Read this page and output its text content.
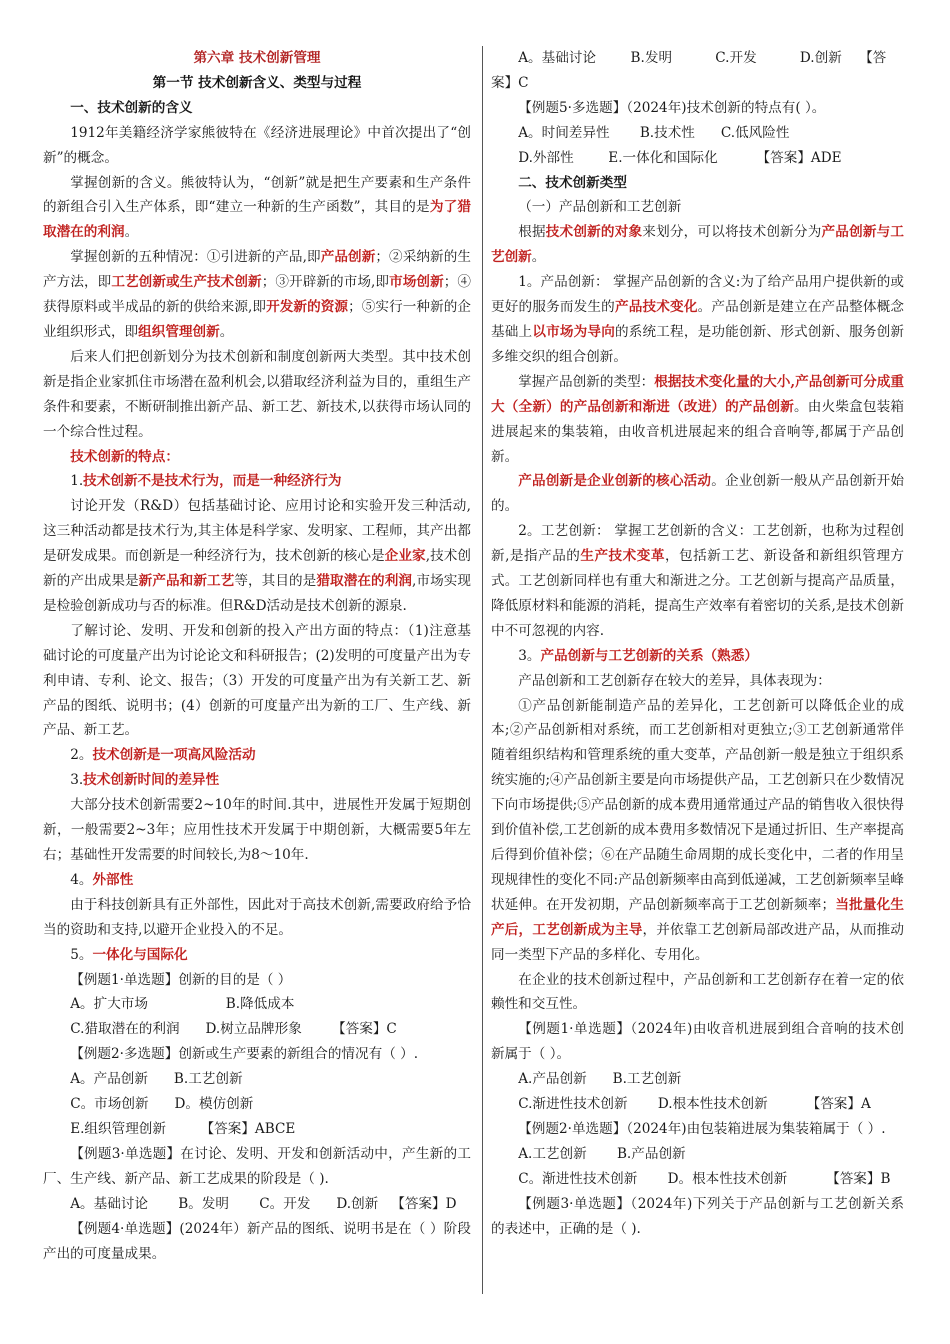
第六章 技术创新管理

第一节 技术创新含义、类型与过程

一、技术创新的含义

1912年美籍经济学家熊彼特在《经济进展理论》中首次提出了“创新”的概念。

掌握创新的含义。熊彼特认为，“创新”就是把生产要素和生产条件的新组合引入生产体系，即“建立一种新的生产函数”，其目的是为了猎取潜在的利润。

掌握创新的五种情况：①引进新的产品,即产品创新；②采纳新的生产方法，即工艺创新或生产技术创新；③开辟新的市场,即市场创新；④获得原料或半成品的新的供给来源,即开发新的资源；⑤实行一种新的企业组织形式，即组织管理创新。

后来人们把创新划分为技术创新和制度创新两大类型。其中技术创新是指企业家抓住市场潜在盈利机会,以猎取经济利益为目的，重组生产条件和要素，不断研制推出新产品、新工艺、新技术,以获得市场认同的一个综合性过程。

技术创新的特点：

1.技术创新不是技术行为，而是一种经济行为

讨论开发（R&D）包括基础讨论、应用讨论和实验开发三种活动,这三种活动都是技术行为,其主体是科学家、发明家、工程师，其产出都是研发成果。而创新是一种经济行为，技术创新的核心是企业家,技术创新的产出成果是新产品和新工艺等，其目的是猎取潜在的利润,市场实现是检验创新成功与否的标准。但R&D活动是技术创新的源泉.

了解讨论、发明、开发和创新的投入产出方面的特点：（1)注意基础讨论的可度量产出为讨论论文和科研报告；(2)发明的可度量产出为专利申请、专利、论文、报告；（3）开发的可度量产出为有关新工艺、新产品的图纸、说明书；(4）创新的可度量产出为新的工厂、生产线、新产品、新工艺。

2。技术创新是一项高风险活动

3.技术创新时间的差异性

大部分技术创新需要2~10年的时间.其中，进展性开发属于短期创新，一般需要2~3年；应用性技术开发属于中期创新，大概需要5年左右；基础性开发需要的时间较长,为8～10年.

4。外部性

由于科技创新具有正外部性，因此对于高技术创新,需要政府给予恰当的资助和支持,以避开企业投入的不足。

5。一体化与国际化

【例题1·单选题】创新的目的是（ ）

A。扩大市场                  B.降低成本

C.猎取潜在的利润      D.树立品牌形象       【答案】C

【例题2·多选题】创新或生产要素的新组合的情况有（ ）.

A。产品创新      B.工艺创新

C。市场创新      D。模仿创新

E.组织管理创新        【答案】ABCE

【例题3·单选题】在讨论、发明、开发和创新活动中，产生新的工厂、生产线、新产品、新工艺成果的阶段是（ ).

A。基础讨论       B。发明       C。开发      D.创新   【答案】D

【例题4·单选题】(2024年）新产品的图纸、说明书是在（ ）阶段产出的可度量成果。

A。基础讨论        B.发明          C.开发          D.创新    【答

案】C

【例题5·多选题】（2024年)技术创新的特点有( ）。

A。时间差异性       B.技术性      C.低风险性

D.外部性        E.一体化和国际化         【答案】ADE

二、技术创新类型

（一）产品创新和工艺创新

根据技术创新的对象来划分，可以将技术创新分为产品创新与工艺创新。

1。产品创新： 掌握产品创新的含义:为了给产品用户提供新的或更好的服务而发生的产品技术变化。产品创新是建立在产品整体概念基础上以市场为导向的系统工程，是功能创新、形式创新、服务创新多维交织的组合创新。

掌握产品创新的类型：根据技术变化量的大小,产品创新可分成重大（全新）的产品创新和渐进（改进）的产品创新。由火柴盒包装箱进展起来的集装箱，由收音机进展起来的组合音响等,都属于产品创新。

产品创新是企业创新的核心活动。企业创新一般从产品创新开始的。

2。工艺创新： 掌握工艺创新的含义：工艺创新，也称为过程创新,是指产品的生产技术变革，包括新工艺、新设备和新组织管理方式。工艺创新同样也有重大和渐进之分。工艺创新与提高产品质量，降低原材料和能源的消耗，提高生产效率有着密切的关系,是技术创新中不可忽视的内容.

3。产品创新与工艺创新的关系（熟悉）

产品创新和工艺创新存在较大的差异，具体表现为：

①产品创新能制造产品的差异化，工艺创新可以降低企业的成本;②产品创新相对系统，而工艺创新相对更独立;③工艺创新通常伴随着组织结构和管理系统的重大变革，产品创新一般是独立于组织系统实施的;④产品创新主要是向市场提供产品，工艺创新只在少数情况下向市场提供;⑤产品创新的成本费用通常通过产品的销售收入很快得到价值补偿,工艺创新的成本费用多数情况下是通过折旧、生产率提高后得到价值补偿；⑥在产品随生命周期的成长变化中，二者的作用呈现规律性的变化不同:产品创新频率由高到低递减，工艺创新频率呈峰状延伸。在开发初期，产品创新频率高于工艺创新频率；当批量化生产后，工艺创新成为主导，并依靠工艺创新局部改进产品，从而推动同一类型下产品的多样化、专用化。

在企业的技术创新过程中，产品创新和工艺创新存在着一定的依赖性和交互性。

【例题1·单选题】（2024年)由收音机进展到组合音响的技术创新属于（ ）。

A.产品创新      B.工艺创新

C.渐进性技术创新       D.根本性技术创新         【答案】A

【例题2·单选题】（2024年)由包装箱进展为集装箱属于（ ）.

A.工艺创新       B.产品创新

C。渐进性技术创新       D。根本性技术创新         【答案】B

【例题3·单选题】（2024年)下列关于产品创新与工艺创新关系的表述中，正确的是（ ).
